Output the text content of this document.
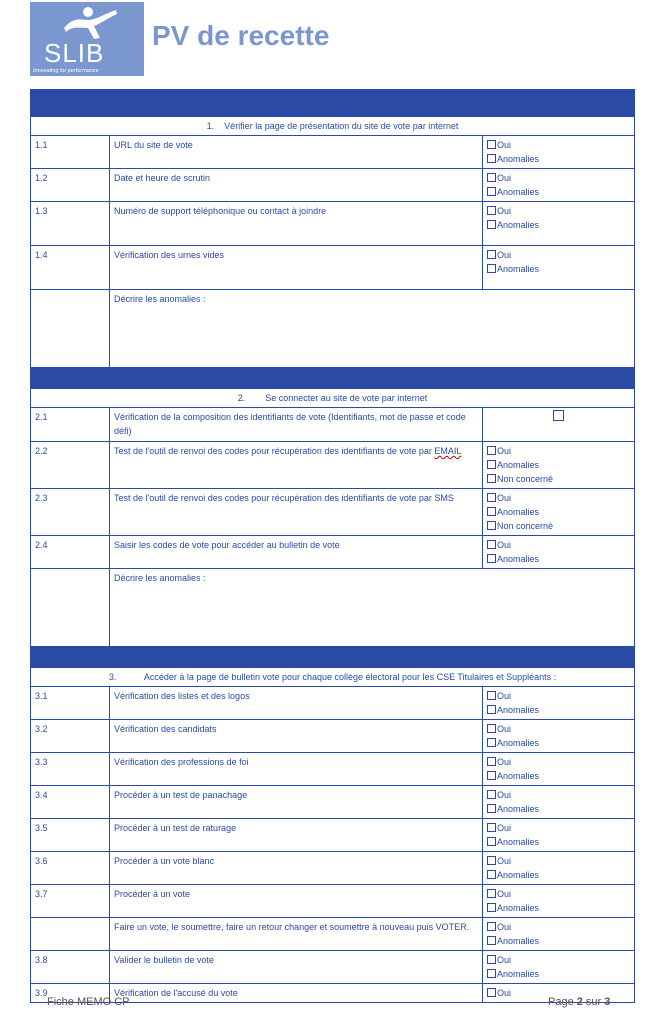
SLIB
Innovating for performance
PV de recette
Etape	Actions	
1.    Vérifier la page de présentation du site de vote par internet		
1.1	URL du site de vote	Oui
Anomalies

1.2	Date et heure de scrutin	Oui
Anomalies

1.3	Numéro de support téléphonique ou contact à joindre	Oui
Anomalies

1.4	Vérification des urnes vides	Oui
Anomalies

	Décrire les anomalies :	

2.        Se connecter au site de vote par internet		
2.1	Vérification de la composition des identifiants de vote (Identifiants, mot de passe et code défi)	
2.2	Test de l'outil de renvoi des codes pour récupération des identifiants de vote par EMAIL	Oui
Anomalies
Non concerné

2.3	Test de l'outil de renvoi des codes pour récupération des identifiants de vote par SMS	Oui
Anomalies
Non concerné

2.4	Saisir les codes de vote pour accéder au bulletin de vote	Oui
Anomalies

	Décrire les anomalies :	

3.           Accéder à la page de bulletin vote pour chaque collège électoral pour les CSE Titulaires et Suppléants :		
3.1	Vérification des listes et des logos	Oui
Anomalies

3.2	Vérification des candidats	Oui
Anomalies

3.3	Vérification des professions de foi	Oui
Anomalies

3.4	Procéder à un test de panachage	Oui
Anomalies

3.5	Procéder à un test de raturage	Oui
Anomalies

3.6	Procéder à un vote blanc	Oui
Anomalies

3.7	Procéder à un vote	Oui
Anomalies

	Faire un vote, le soumettre, faire un retour changer et soumettre à nouveau puis VOTER.	Oui
Anomalies

3.8	Valider le bulletin de vote	Oui
Anomalies

3.9	Vérification de l'accusé du vote	Oui
Fiche MEMO CP	Page 2 sur 3
